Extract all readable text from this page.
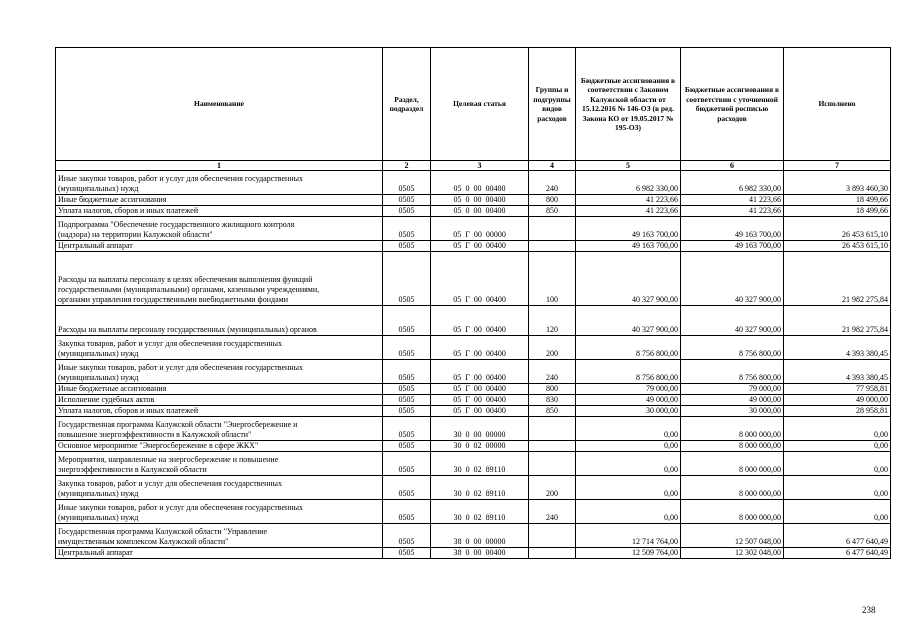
Наименование	Раздел, подраздел	Целевая статья	Группы и подгруппы видов расходов	Бюджетные ассигнования в соответствии с Законом Калужской области от 15.12.2016 № 146-ОЗ (в ред. Закона КО от 19.05.2017 № 195-ОЗ)	Бюджетные ассигнования в соответствии с уточненной бюджетной росписью расходов	Исполнено
1	2	3	4	5	6	7
Иные закупки товаров, работ и услуг для обеспечения государственных
(муниципальных) нужд	0505	05  0  00  00400	240	6 982 330,00	6 982 330,00	3 893 460,30
Иные бюджетные ассигнования	0505	05  0  00  00400	800	41 223,66	41 223,66	18 499,66
Уплата налогов, сборов и иных платежей	0505	05  0  00  00400	850	41 223,66	41 223,66	18 499,66
Подпрограмма "Обеспечение государственного жилищного контроля
(надзора) на территории Калужской области"	0505	05  Г  00  00000		49 163 700,00	49 163 700,00	26 453 615,10
Центральный аппарат	0505	05  Г  00  00400		49 163 700,00	49 163 700,00	26 453 615,10
Расходы на выплаты персоналу в целях обеспечения выполнения функций
государственными (муниципальными) органами, казенными учреждениями,
органами управления государственными внебюджетными фондами	0505	05  Г  00  00400	100	40 327 900,00	40 327 900,00	21 982 275,84
Расходы на выплаты персоналу государственных (муниципальных) органов	0505	05  Г  00  00400	120	40 327 900,00	40 327 900,00	21 982 275,84
Закупка товаров, работ и услуг для обеспечения государственных
(муниципальных) нужд	0505	05  Г  00  00400	200	8 756 800,00	8 756 800,00	4 393 380,45
Иные закупки товаров, работ и услуг для обеспечения государственных
(муниципальных) нужд	0505	05  Г  00  00400	240	8 756 800,00	8 756 800,00	4 393 380,45
Иные бюджетные ассигнования	0505	05  Г  00  00400	800	79 000,00	79 000,00	77 958,81
Исполнение судебных актов	0505	05  Г  00  00400	830	49 000,00	49 000,00	49 000,00
Уплата налогов, сборов и иных платежей	0505	05  Г  00  00400	850	30 000,00	30 000,00	28 958,81
Государственная программа Калужской области "Энергосбережение и
повышение энергоэффективности в Калужской области"	0505	30  0  00  00000		0,00	8 000 000,00	0,00
Основное мероприятие "Энергосбережение в сфере ЖКХ"	0505	30  0  02  00000		0,00	8 000 000,00	0,00
Мероприятия, направленные на энергосбережение и повышение
энергоэффективности в Калужской области	0505	30  0  02  89110		0,00	8 000 000,00	0,00
Закупка товаров, работ и услуг для обеспечения государственных
(муниципальных) нужд	0505	30  0  02  89110	200	0,00	8 000 000,00	0,00
Иные закупки товаров, работ и услуг для обеспечения государственных
(муниципальных) нужд	0505	30  0  02  89110	240	0,00	8 000 000,00	0,00
Государственная программа Калужской области "Управление
имущественным комплексом Калужской области"	0505	38  0  00  00000		12 714 764,00	12 507 048,00	6 477 640,49
Центральный аппарат	0505	38  0  00  00400		12 509 764,00	12 302 048,00	6 477 640,49
238
